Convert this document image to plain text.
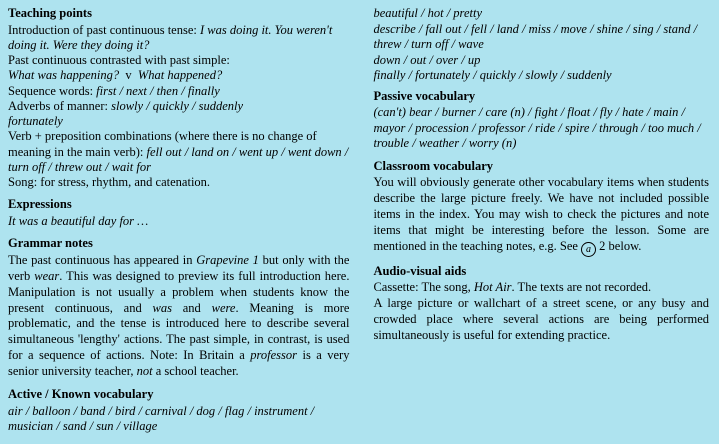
Teaching points

Introduction of past continuous tense: I was doing it. You weren't doing it. Were they doing it?

Past continuous contrasted with past simple:

What was happening?  v  What happened?

Sequence words: first / next / then / finally

Adverbs of manner: slowly / quickly / suddenly

fortunately

Verb + preposition combinations (where there is no change of meaning in the main verb): fell out / land on / went up / went down / turn off / threw out / wait for

Song: for stress, rhythm, and catenation.

Expressions

It was a beautiful day for …

Grammar notes

The past continuous has appeared in Grapevine 1 but only with the verb wear. This was designed to preview its full introduction here. Manipulation is not usually a problem when students know the present continuous, and was and were. Meaning is more problematic, and the tense is introduced here to describe several simultaneous 'lengthy' actions. The past simple, in contrast, is used for a sequence of actions. Note: In Britain a professor is a very senior university teacher, not a school teacher.

Active / Known vocabulary

air / balloon / band / bird / carnival / dog / flag / instrument / musician / sand / sun / village

beautiful / hot / pretty

describe / fall out / fell / land / miss / move / shine / sing / stand / threw / turn off / wave

down / out / over / up

finally / fortunately / quickly / slowly / suddenly

Passive vocabulary

(can't) bear / burner / care (n) / fight / float / fly / hate / main / mayor / procession / professor / ride / spire / through / too much / trouble / weather / worry (n)

Classroom vocabulary

You will obviously generate other vocabulary items when students describe the large picture freely. We have not included possible items in the index. You may wish to check the pictures and note items that might be interesting before the lesson. Some are mentioned in the teaching notes, e.g. See a 2 below.

Audio-visual aids

Cassette: The song, Hot Air. The texts are not recorded.

A large picture or wallchart of a street scene, or any busy and crowded place where several actions are being performed simultaneously is useful for extending practice.
